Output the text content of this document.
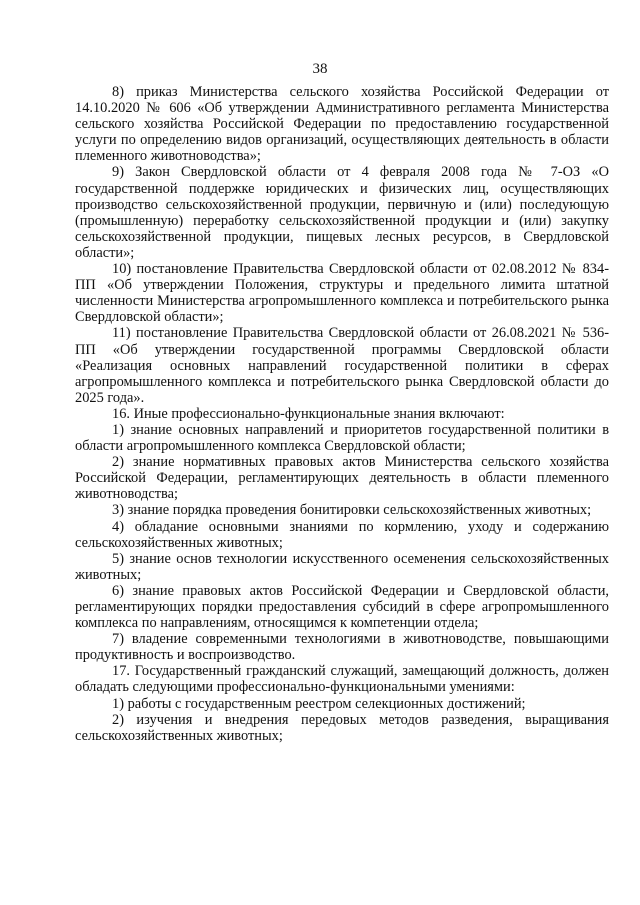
38

8) приказ Министерства сельского хозяйства Российской Федерации от 14.10.2020 № 606 «Об утверждении Административного регламента Министерства сельского хозяйства Российской Федерации по предоставлению государственной услуги по определению видов организаций, осуществляющих деятельность в области племенного животноводства»;

9) Закон Свердловской области от 4 февраля 2008 года № 7-ОЗ «О государственной поддержке юридических и физических лиц, осуществляющих производство сельскохозяйственной продукции, первичную и (или) последующую (промышленную) переработку сельскохозяйственной продукции и (или) закупку сельскохозяйственной продукции, пищевых лесных ресурсов, в Свердловской области»;

10) постановление Правительства Свердловской области от 02.08.2012 № 834-ПП «Об утверждении Положения, структуры и предельного лимита штатной численности Министерства агропромышленного комплекса и потребительского рынка Свердловской области»;

11) постановление Правительства Свердловской области от 26.08.2021 № 536-ПП «Об утверждении государственной программы Свердловской области «Реализация основных направлений государственной политики в сферах агропромышленного комплекса и потребительского рынка Свердловской области до 2025 года».

16. Иные профессионально-функциональные знания включают:

1) знание основных направлений и приоритетов государственной политики в области агропромышленного комплекса Свердловской области;

2) знание нормативных правовых актов Министерства сельского хозяйства Российской Федерации, регламентирующих деятельность в области племенного животноводства;

3) знание порядка проведения бонитировки сельскохозяйственных животных;

4) обладание основными знаниями по кормлению, уходу и содержанию сельскохозяйственных животных;

5) знание основ технологии искусственного осеменения сельскохозяйственных животных;

6) знание правовых актов Российской Федерации и Свердловской области, регламентирующих порядки предоставления субсидий в сфере агропромышленного комплекса по направлениям, относящимся к компетенции отдела;

7) владение современными технологиями в животноводстве, повышающими продуктивность и воспроизводство.

17. Государственный гражданский служащий, замещающий должность, должен обладать следующими профессионально-функциональными умениями:

1) работы с государственным реестром селекционных достижений;

2) изучения и внедрения передовых методов разведения, выращивания сельскохозяйственных животных;
